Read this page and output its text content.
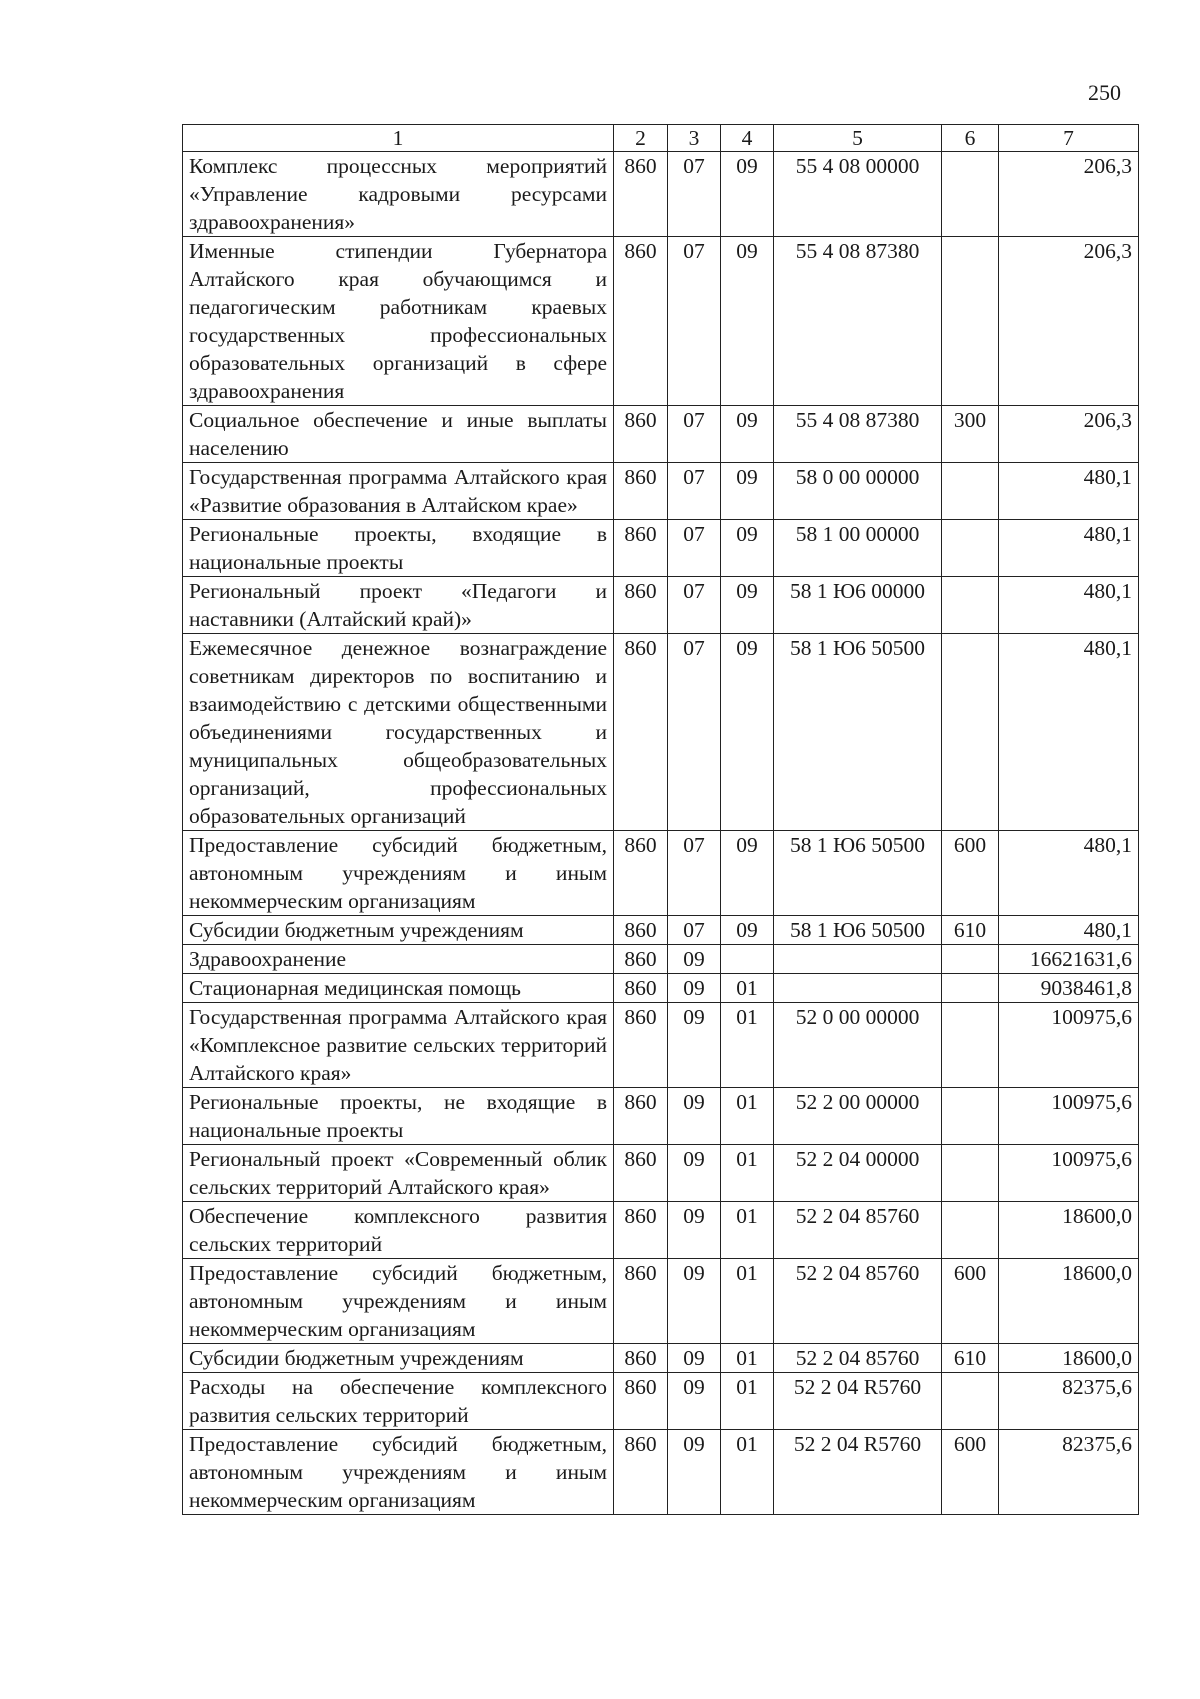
250
1	2	3	4	5	6	7
Комплекс процессных мероприятий «Управление кадровыми ресурсами здравоохранения»	860	07	09	55 4 08 00000		206,3
Именные стипендии Губернатора Алтайского края обучающимся и педагогическим работникам краевых государственных профессиональных образовательных организаций в сфере здравоохранения	860	07	09	55 4 08 87380		206,3
Социальное обеспечение и иные выплаты населению	860	07	09	55 4 08 87380	300	206,3
Государственная программа Алтайского края «Развитие образования в Алтайском крае»	860	07	09	58 0 00 00000		480,1
Региональные проекты, входящие в национальные проекты	860	07	09	58 1 00 00000		480,1
Региональный проект «Педагоги и наставники (Алтайский край)»	860	07	09	58 1 Ю6 00000		480,1
Ежемесячное денежное вознаграждение советникам директоров по воспитанию и взаимодействию с детскими общественными объединениями государственных и муниципальных общеобразовательных организаций, профессиональных образовательных организаций	860	07	09	58 1 Ю6 50500		480,1
Предоставление субсидий бюджетным, автономным учреждениям и иным некоммерческим организациям	860	07	09	58 1 Ю6 50500	600	480,1
Субсидии бюджетным учреждениям	860	07	09	58 1 Ю6 50500	610	480,1
Здравоохранение	860	09				16621631,6
Стационарная медицинская помощь	860	09	01			9038461,8
Государственная программа Алтайского края «Комплексное развитие сельских территорий Алтайского края»	860	09	01	52 0 00 00000		100975,6
Региональные проекты, не входящие в национальные проекты	860	09	01	52 2 00 00000		100975,6
Региональный проект «Современный облик сельских территорий Алтайского края»	860	09	01	52 2 04 00000		100975,6
Обеспечение комплексного развития сельских территорий	860	09	01	52 2 04 85760		18600,0
Предоставление субсидий бюджетным, автономным учреждениям и иным некоммерческим организациям	860	09	01	52 2 04 85760	600	18600,0
Субсидии бюджетным учреждениям	860	09	01	52 2 04 85760	610	18600,0
Расходы на обеспечение комплексного развития сельских территорий	860	09	01	52 2 04 R5760		82375,6
Предоставление субсидий бюджетным, автономным учреждениям и иным некоммерческим организациям	860	09	01	52 2 04 R5760	600	82375,6
